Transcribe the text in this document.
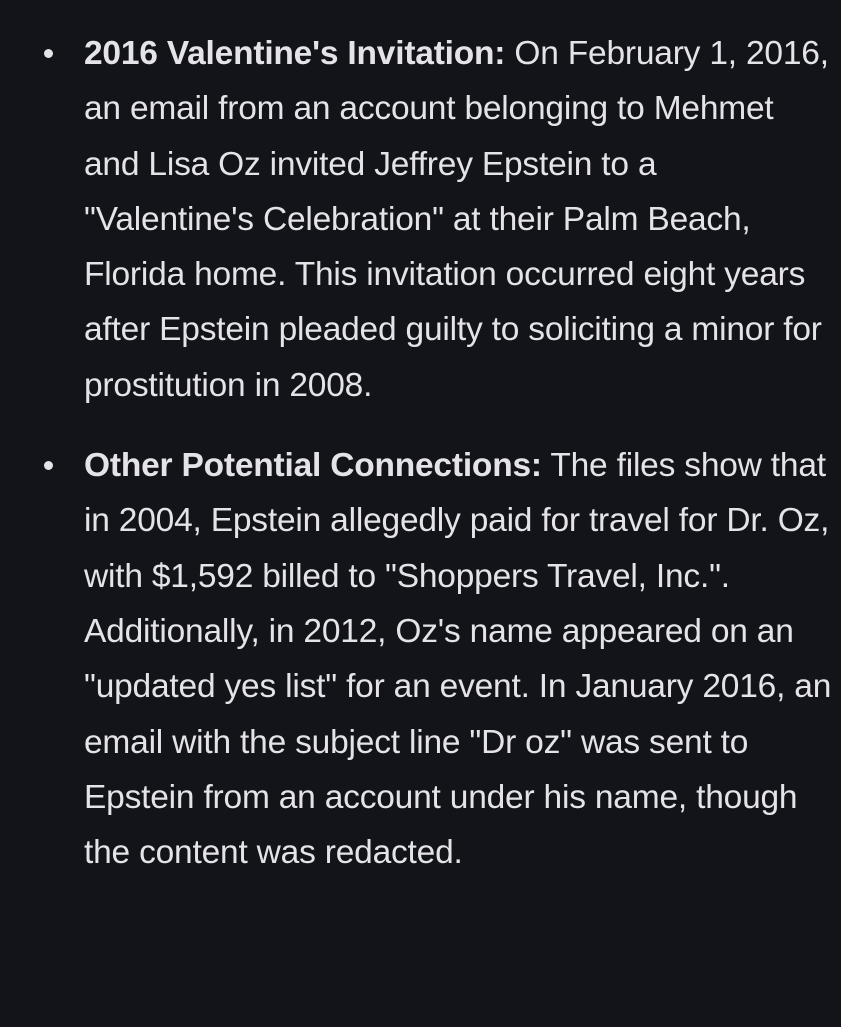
2016 Valentine's Invitation: On February 1, 2016, an email from an account belonging to Mehmet and Lisa Oz invited Jeffrey Epstein to a "Valentine's Celebration" at their Palm Beach, Florida home. This invitation occurred eight years after Epstein pleaded guilty to soliciting a minor for prostitution in 2008.
Other Potential Connections: The files show that in 2004, Epstein allegedly paid for travel for Dr. Oz, with $1,592 billed to "Shoppers Travel, Inc.". Additionally, in 2012, Oz's name appeared on an "updated yes list" for an event. In January 2016, an email with the subject line "Dr oz" was sent to Epstein from an account under his name, though the content was redacted.
